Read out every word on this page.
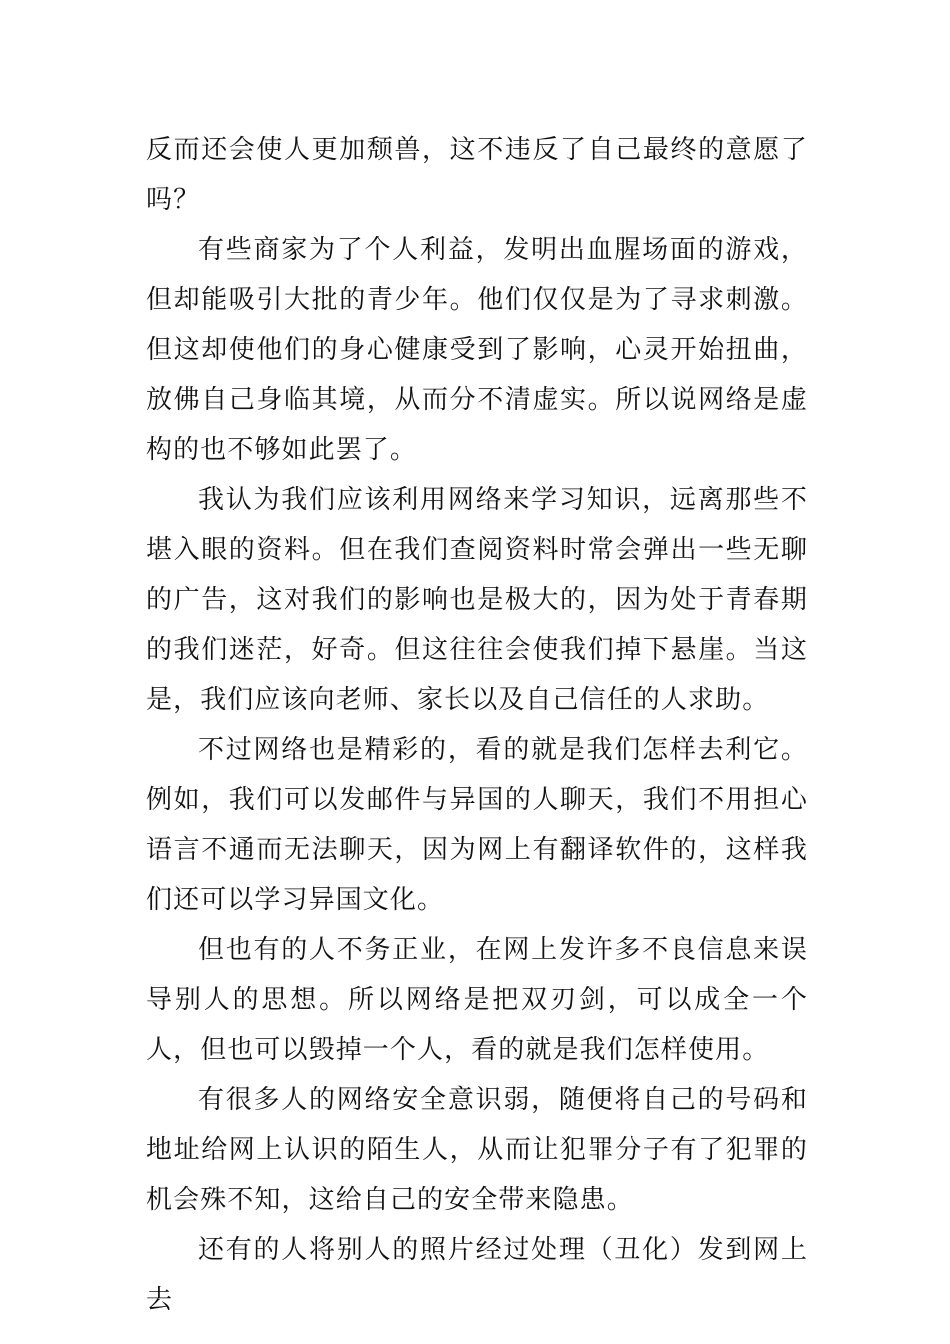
反而还会使人更加颓兽，这不违反了自己最终的意愿了吗？

有些商家为了个人利益，发明出血腥场面的游戏，但却能吸引大批的青少年。他们仅仅是为了寻求刺激。但这却使他们的身心健康受到了影响，心灵开始扭曲，放佛自己身临其境，从而分不清虚实。所以说网络是虚构的也不够如此罢了。

我认为我们应该利用网络来学习知识，远离那些不堪入眼的资料。但在我们查阅资料时常会弹出一些无聊的广告，这对我们的影响也是极大的，因为处于青春期的我们迷茫，好奇。但这往往会使我们掉下悬崖。当这是，我们应该向老师、家长以及自己信任的人求助。

不过网络也是精彩的，看的就是我们怎样去利它。例如，我们可以发邮件与异国的人聊天，我们不用担心语言不通而无法聊天，因为网上有翻译软件的，这样我们还可以学习异国文化。

但也有的人不务正业，在网上发许多不良信息来误导别人的思想。所以网络是把双刃剑，可以成全一个人，但也可以毁掉一个人，看的就是我们怎样使用。

有很多人的网络安全意识弱，随便将自己的号码和地址给网上认识的陌生人，从而让犯罪分子有了犯罪的机会殊不知，这给自己的安全带来隐患。

还有的人将别人的照片经过处理（丑化）发到网上去
